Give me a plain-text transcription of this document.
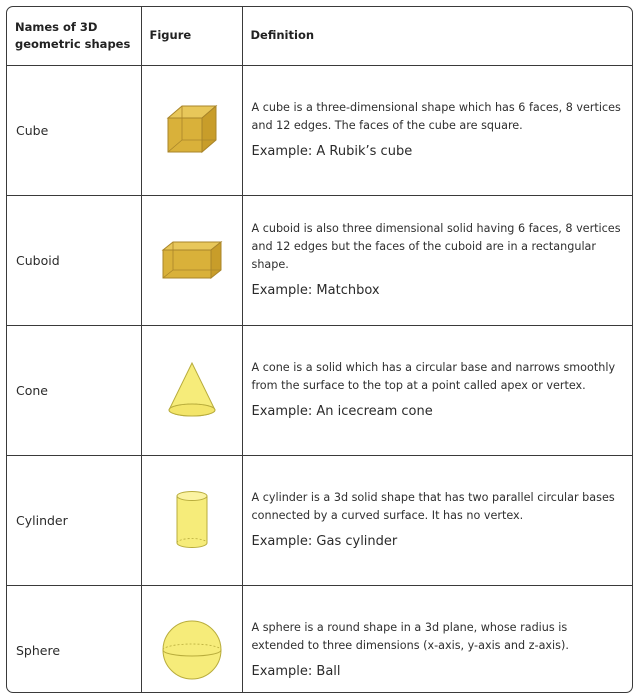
Names of 3D
geometric shapes	Figure	Definition
Cube		A cube is a three-dimensional shape which has 6 faces, 8 vertices and 12 edges. The faces of the cube are square.
Example: A Rubik’s cube

Cuboid		A cuboid is also three dimensional solid having 6 faces, 8 vertices and 12 edges but the faces of the cuboid are in a rectangular shape.
Example: Matchbox

Cone		A cone is a solid which has a circular base and narrows smoothly from the surface to the top at a point called apex or vertex.
Example: An icecream cone

Cylinder		A cylinder is a 3d solid shape that has two parallel circular bases connected by a curved surface. It has no vertex.
Example: Gas cylinder

Sphere		A sphere is a round shape in a 3d plane, whose radius is extended to three dimensions (x-axis, y-axis and z-axis).
Example: Ball
